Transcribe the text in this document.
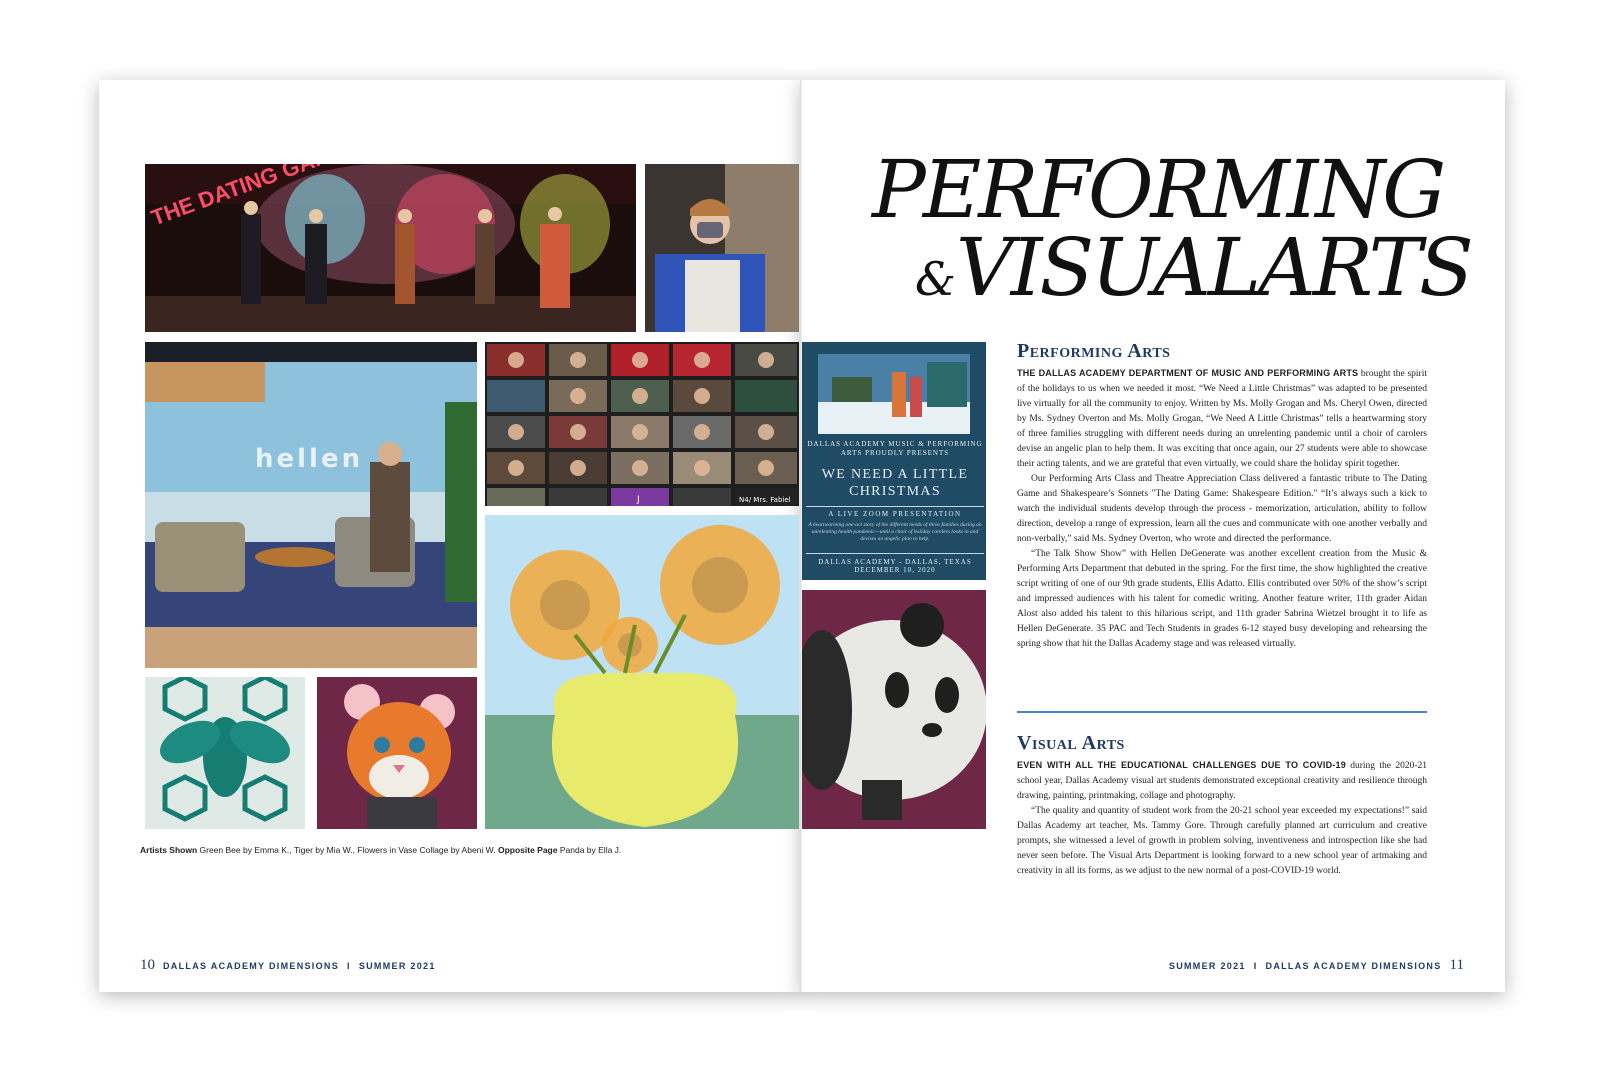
hellen
J	N4/ Mrs. Fabiel
DALLAS ACADEMY MUSIC & PERFORMING ARTS PROUDLY PRESENTS
WE NEED A LITTLE CHRISTMAS
A LIVE ZOOM PRESENTATION
A heartwarming one-act story of the different needs of three families during an unrelenting health pandemic—until a choir of holiday carolers looks in and devises an angelic plan to help.
DALLAS ACADEMY - DALLAS, TEXAS
DECEMBER 10, 2020
Artists Shown Green Bee by Emma K., Tiger by Mia W., Flowers in Vase Collage by Abeni W. Opposite Page Panda by Ella J.
10 DALLAS ACADEMY DIMENSIONS I SUMMER 2021
PERFORMING
&VISUALARTS
Performing Arts

THE DALLAS ACADEMY DEPARTMENT OF MUSIC AND PERFORMING ARTS brought the spirit of the holidays to us when we needed it most. “We Need a Little Christmas” was adapted to be presented live virtually for all the community to enjoy. Written by Ms. Molly Grogan and Ms. Cheryl Owen, directed by Ms. Sydney Overton and Ms. Molly Grogan, “We Need A Little Christmas” tells a heartwarming story of three families struggling with different needs during an unrelenting pandemic until a choir of carolers devise an angelic plan to help them. It was exciting that once again, our 27 students were able to showcase their acting talents, and we are grateful that even virtually, we could share the holiday spirit together.

Our Performing Arts Class and Theatre Appreciation Class delivered a fantastic tribute to The Dating Game and Shakespeare’s Sonnets "The Dating Game: Shakespeare Edition." “It’s always such a kick to watch the individual students develop through the process - memorization, articulation, ability to follow direction, develop a range of expression, learn all the cues and communicate with one another verbally and non-verbally,” said Ms. Sydney Overton, who wrote and directed the performance.

“The Talk Show Show” with Hellen DeGenerate was another excellent creation from the Music & Performing Arts Department that debuted in the spring. For the first time, the show highlighted the creative script writing of one of our 9th grade students, Ellis Adatto. Ellis contributed over 50% of the show’s script and impressed audiences with his talent for comedic writing. Another feature writer, 11th grader Aidan Alost also added his talent to this hilarious script, and 11th grader Sabrina Wietzel brought it to life as Hellen DeGenerate. 35 PAC and Tech Students in grades 6-12 stayed busy developing and rehearsing the spring show that hit the Dallas Academy stage and was released virtually.

Visual Arts

EVEN WITH ALL THE EDUCATIONAL CHALLENGES DUE TO COVID-19 during the 2020-21 school year, Dallas Academy visual art students demonstrated exceptional creativity and resilience through drawing, painting, printmaking, collage and photography.

“The quality and quantity of student work from the 20-21 school year exceeded my expectations!” said Dallas Academy art teacher, Ms. Tammy Gore. Through carefully planned art curriculum and creative prompts, she witnessed a level of growth in problem solving, inventiveness and introspection like she had never seen before. The Visual Arts Department is looking forward to a new school year of artmaking and creativity in all its forms, as we adjust to the new normal of a post-COVID-19 world.

SUMMER 2021 I DALLAS ACADEMY DIMENSIONS 11
